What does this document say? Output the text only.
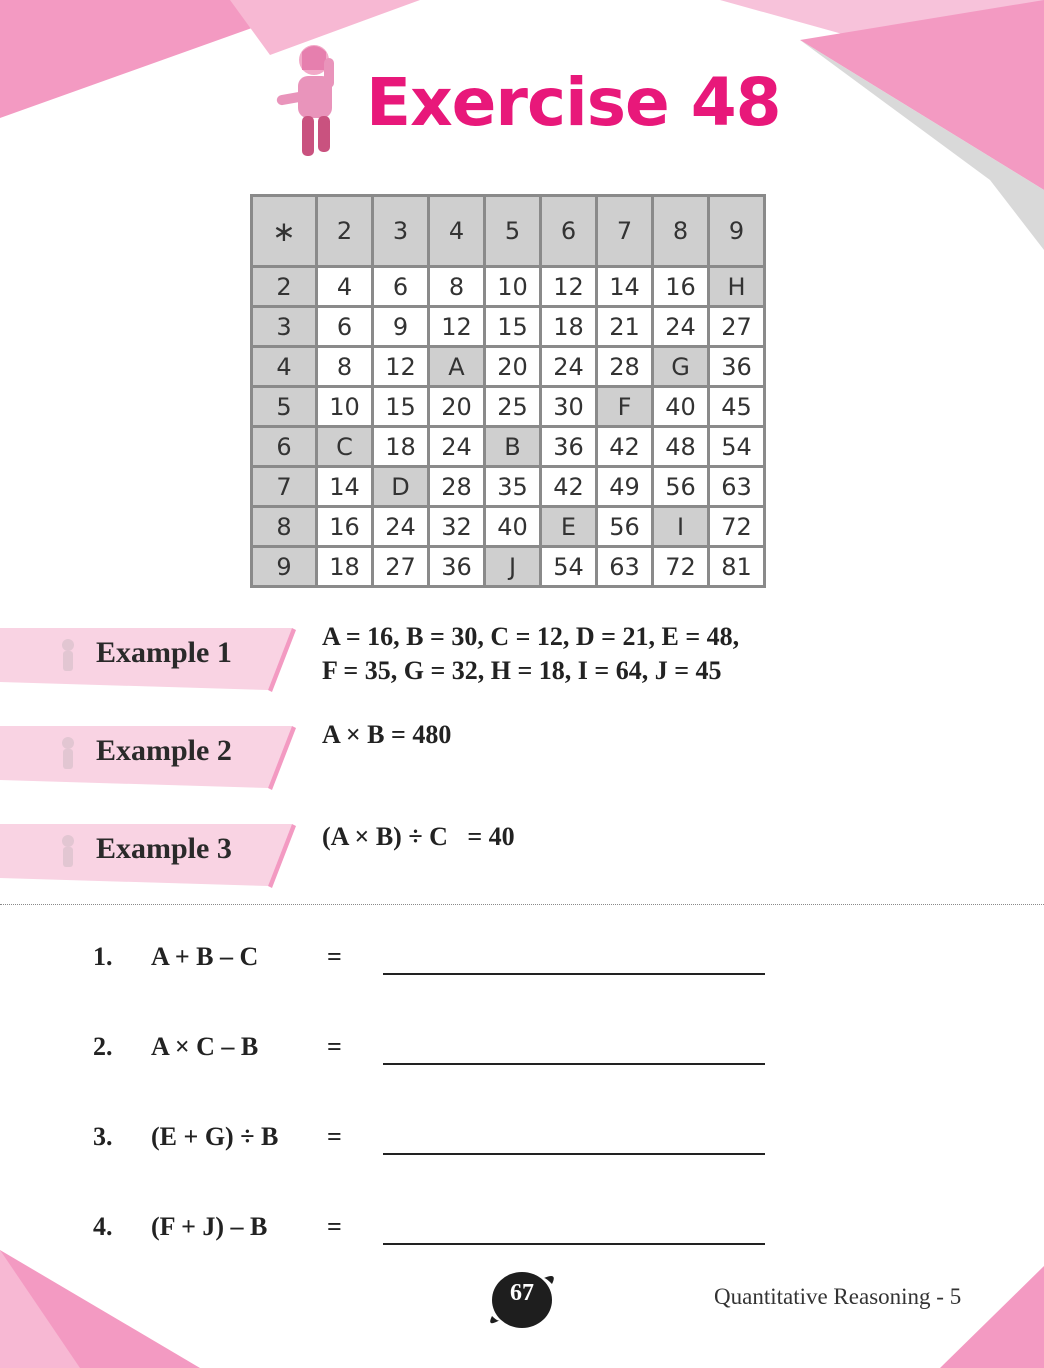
Exercise 48
∗	2	3	4	5	6	7	8	9
2	4	6	8	10	12	14	16	H
3	6	9	12	15	18	21	24	27
4	8	12	A	20	24	28	G	36
5	10	15	20	25	30	F	40	45
6	C	18	24	B	36	42	48	54
7	14	D	28	35	42	49	56	63
8	16	24	32	40	E	56	I	72
9	18	27	36	J	54	63	72	81
Example 1	A = 16, B = 30, C = 12, D = 21, E = 48,
F = 35, G = 32, H = 18, I = 64, J = 45
Example 2	A × B = 480
Example 3	(A × B) ÷ C   = 40
1. A + B – C	=
2. A × C – B	=
3. (E + G) ÷ B =
4. (F + J) – B =
67	Quantitative Reasoning - 5
